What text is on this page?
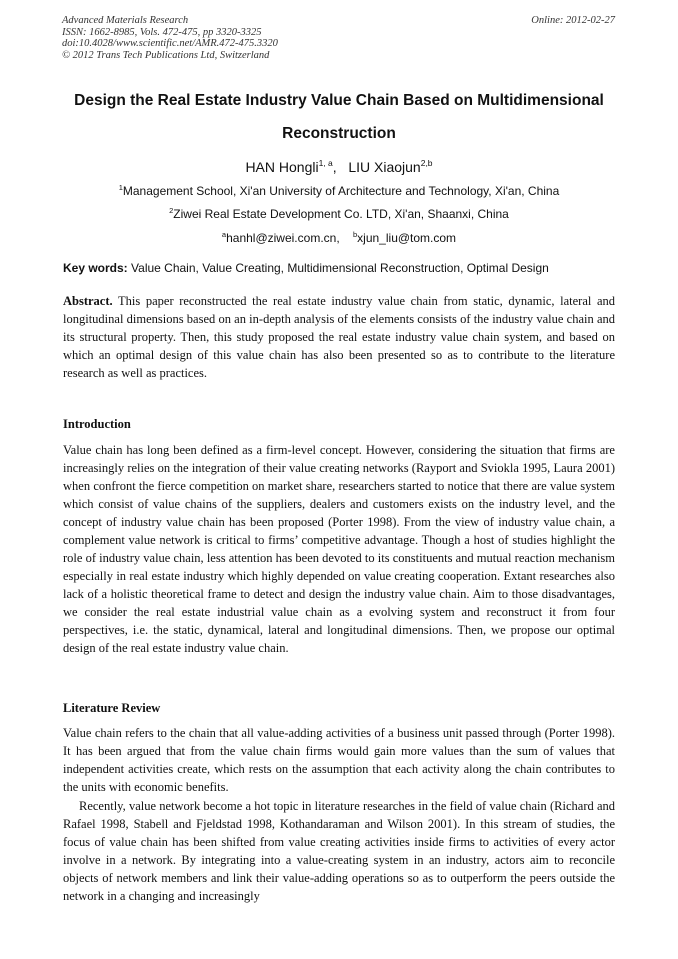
Advanced Materials Research
ISSN: 1662-8985, Vols. 472-475, pp 3320-3325
doi:10.4028/www.scientific.net/AMR.472-475.3320
© 2012 Trans Tech Publications Ltd, Switzerland
Online: 2012-02-27
Design the Real Estate Industry Value Chain Based on Multidimensional
Reconstruction
HAN Hongli$^{1, a}$, LIU Xiaojun$^{2,b}$
$^1$Management School, Xi'an University of Architecture and Technology, Xi'an, China
$^2$Ziwei Real Estate Development Co. LTD, Xi'an, Shaanxi, China
$^a$hanhl@ziwei.com.cn, $^b$xjun_liu@tom.com
Key words: Value Chain, Value Creating, Multidimensional Reconstruction, Optimal Design
Abstract. This paper reconstructed the real estate industry value chain from static, dynamic, lateral and longitudinal dimensions based on an in-depth analysis of the elements consists of the industry value chain and its structural property. Then, this study proposed the real estate industry value chain system, and based on which an optimal design of this value chain has also been presented so as to contribute to the literature research as well as practices.
Introduction
Value chain has long been defined as a firm-level concept. However, considering the situation that firms are increasingly relies on the integration of their value creating networks (Rayport and Sviokla 1995, Laura 2001) when confront the fierce competition on market share, researchers started to notice that there are value system which consist of value chains of the suppliers, dealers and customers exists on the industry level, and the concept of industry value chain has been proposed (Porter 1998). From the view of industry value chain, a complement value network is critical to firms’ competitive advantage. Though a host of studies highlight the role of industry value chain, less attention has been devoted to its constituents and mutual reaction mechanism especially in real estate industry which highly depended on value creating cooperation. Extant researches also lack of a holistic theoretical frame to detect and design the industry value chain. Aim to those disadvantages, we consider the real estate industrial value chain as a evolving system and reconstruct it from four perspectives, i.e. the static, dynamical, lateral and longitudinal dimensions. Then, we propose our optimal design of the real estate industry value chain.
Literature Review
Value chain refers to the chain that all value-adding activities of a business unit passed through (Porter 1998). It has been argued that from the value chain firms would gain more values than the sum of values that independent activities create, which rests on the assumption that each activity along the chain contributes to the units with economic benefits.
Recently, value network become a hot topic in literature researches in the field of value chain (Richard and Rafael 1998, Stabell and Fjeldstad 1998, Kothandaraman and Wilson 2001). In this stream of studies, the focus of value chain has been shifted from value creating activities inside firms to activities of every actor involve in a network. By integrating into a value-creating system in an industry, actors aim to reconcile objects of network members and link their value-adding operations so as to outperform the peers outside the network in a changing and increasingly
